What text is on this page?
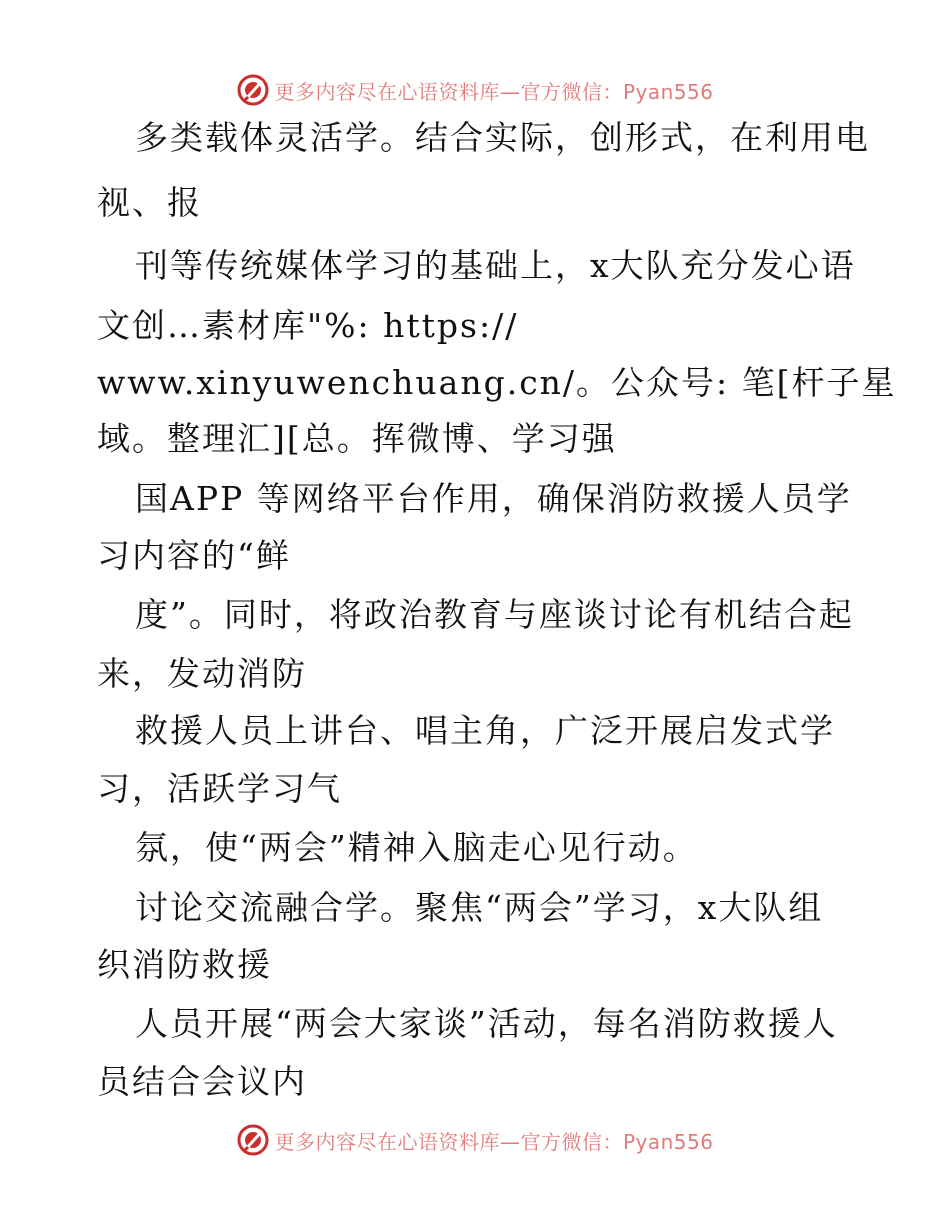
更多内容尽在心语资料库—官方微信：Pyan556
多类载体灵活学。结合实际，创形式，在利用电
视、报
刊等传统媒体学习的基础上，x大队充分发心语
文创…素材库"%: https://
www.xinyuwenchuang.cn/。公众号: 笔[杆子星
域。整理汇][总。挥微博、学习强
国APP 等网络平台作用，确保消防救援人员学
习内容的“鲜
度”。同时，将政治教育与座谈讨论有机结合起
来，发动消防
救援人员上讲台、唱主角，广泛开展启发式学
习，活跃学习气
氛，使“两会”精神入脑走心见行动。
讨论交流融合学。聚焦“两会”学习，x大队组
织消防救援
人员开展“两会大家谈”活动，每名消防救援人
员结合会议内
更多内容尽在心语资料库—官方微信：Pyan556
